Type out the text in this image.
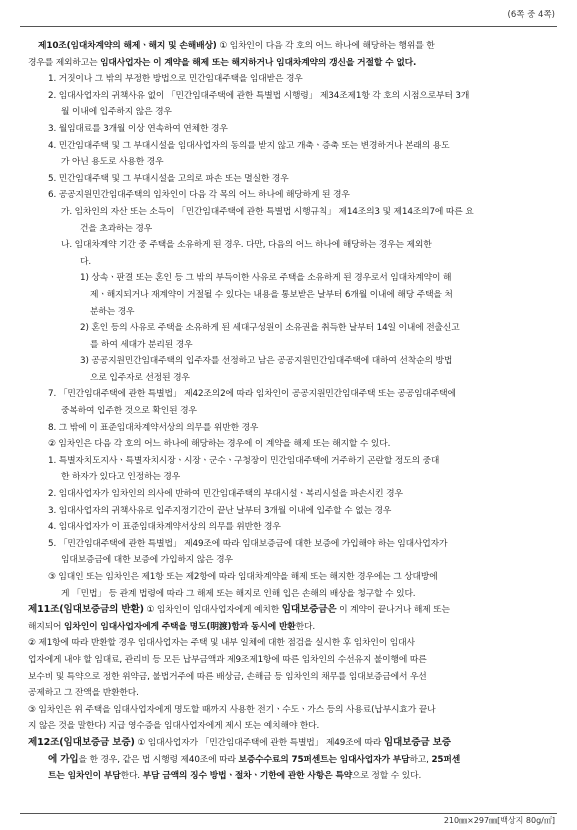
(6쪽 중 4쪽)
제10조(임대차계약의 해제ㆍ해지 및 손해배상) ① 임차인이 다음 각 호의 어느 하나에 해당하는 행위를 한
경우를 제외하고는 임대사업자는 이 계약을 해제 또는 해지하거나 임대차계약의 갱신을 거절할 수 없다.
1. 거짓이나 그 밖의 부정한 방법으로 민간임대주택을 임대받은 경우
2. 임대사업자의 귀책사유 없이 「민간임대주택에 관한 특별법 시행령」 제34조제1항 각 호의 시점으로부터 3개
월 이내에 입주하지 않은 경우
3. 월임대료를 3개월 이상 연속하여 연체한 경우
4. 민간임대주택 및 그 부대시설을 임대사업자의 동의를 받지 않고 개축ㆍ증축 또는 변경하거나 본래의 용도
가 아닌 용도로 사용한 경우
5. 민간임대주택 및 그 부대시설을 고의로 파손 또는 멸실한 경우
6. 공공지원민간임대주택의 임차인이 다음 각 목의 어느 하나에 해당하게 된 경우
가. 임차인의 자산 또는 소득이 「민간임대주택에 관한 특별법 시행규칙」 제14조의3 및 제14조의7에 따른 요
건을 초과하는 경우
나. 임대차계약 기간 중 주택을 소유하게 된 경우. 다만, 다음의 어느 하나에 해당하는 경우는 제외한
다.
1) 상속ㆍ판결 또는 혼인 등 그 밖의 부득이한 사유로 주택을 소유하게 된 경우로서 임대차계약이 해
제ㆍ해지되거나 재계약이 거절될 수 있다는 내용을 통보받은 날부터 6개월 이내에 해당 주택을 처
분하는 경우
2) 혼인 등의 사유로 주택을 소유하게 된 세대구성원이 소유권을 취득한 날부터 14일 이내에 전출신고
를 하여 세대가 분리된 경우
3) 공공지원민간임대주택의 입주자를 선정하고 남은 공공지원민간임대주택에 대하여 선착순의 방법
으로 입주자로 선정된 경우
7. 「민간임대주택에 관한 특별법」 제42조의2에 따라 임차인이 공공지원민간임대주택 또는 공공임대주택에
중복하여 입주한 것으로 확인된 경우
8. 그 밖에 이 표준임대차계약서상의 의무를 위반한 경우
② 임차인은 다음 각 호의 어느 하나에 해당하는 경우에 이 계약을 해제 또는 해지할 수 있다.
1. 특별자치도지사ㆍ특별자치시장ㆍ시장ㆍ군수ㆍ구청장이 민간임대주택에 거주하기 곤란할 정도의 중대
한 하자가 있다고 인정하는 경우
2. 임대사업자가 임차인의 의사에 반하여 민간임대주택의 부대시설ㆍ복리시설을 파손시킨 경우
3. 임대사업자의 귀책사유로 입주지정기간이 끝난 날부터 3개월 이내에 입주할 수 없는 경우
4. 임대사업자가 이 표준임대차계약서상의 의무를 위반한 경우
5. 「민간임대주택에 관한 특별법」 제49조에 따라 임대보증금에 대한 보증에 가입해야 하는 임대사업자가
임대보증금에 대한 보증에 가입하지 않은 경우
③ 임대인 또는 임차인은 제1항 또는 제2항에 따라 임대차계약을 해제 또는 해지한 경우에는 그 상대방에
게 「민법」 등 관계 법령에 따라 그 해제 또는 해지로 인해 입은 손해의 배상을 청구할 수 있다.
제11조(임대보증금의 반환) ① 임차인이 임대사업자에게 예치한 임대보증금은 이 계약이 끝나거나 해제 또는
해지되어 임차인이 임대사업자에게 주택을 명도(明渡)함과 동시에 반환한다.
② 제1항에 따라 반환할 경우 임대사업자는 주택 및 내부 일체에 대한 점검을 실시한 후 임차인이 임대사
업자에게 내야 할 임대료, 관리비 등 모든 납부금액과 제9조제1항에 따른 임차인의 수선유지 불이행에 따른
보수비 및 특약으로 정한 위약금, 불법거주에 따른 배상금, 손해금 등 임차인의 채무를 임대보증금에서 우선
공제하고 그 잔액을 반환한다.
③ 임차인은 위 주택을 임대사업자에게 명도할 때까지 사용한 전기ㆍ수도ㆍ가스 등의 사용료(납부시효가 끝나
지 않은 것을 말한다) 지급 영수증을 임대사업자에게 제시 또는 예치해야 한다.
제12조(임대보증금 보증) ① 임대사업자가 「민간임대주택에 관한 특별법」 제49조에 따라 임대보증금 보증
에 가입을 한 경우, 같은 법 시행령 제40조에 따라 보증수수료의 75퍼센트는 임대사업자가 부담하고, 25퍼센
트는 임차인이 부담한다. 부담 금액의 징수 방법ㆍ절차ㆍ기한에 관한 사항은 특약으로 정할 수 있다.
210㎜×297㎜[백상지 80g/㎡]
